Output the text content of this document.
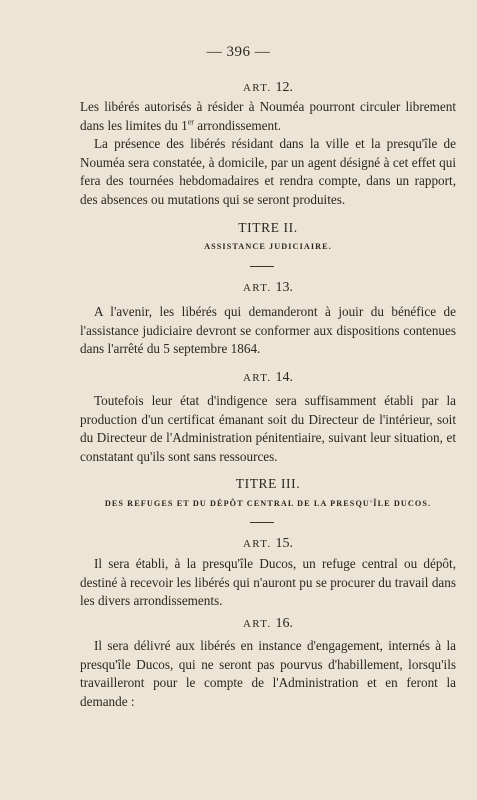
— 396 —
ART. 12.

Les libérés autorisés à résider à Nouméa pourront circuler librement dans les limites du 1er arrondissement.

La présence des libérés résidant dans la ville et la presqu'île de Nouméa sera constatée, à domicile, par un agent désigné à cet effet qui fera des tournées hebdomadaires et rendra compte, dans un rapport, des absences ou mutations qui se seront produites.

TITRE II.
ASSISTANCE JUDICIAIRE.
ART. 13.

A l'avenir, les libérés qui demanderont à jouir du bénéfice de l'assistance judiciaire devront se conformer aux dispositions contenues dans l'arrêté du 5 septembre 1864.

ART. 14.

Toutefois leur état d'indigence sera suffisamment établi par la production d'un certificat émanant soit du Directeur de l'intérieur, soit du Directeur de l'Administration pénitentiaire, suivant leur situation, et constatant qu'ils sont sans ressources.

TITRE III.
DES REFUGES ET DU DÉPÔT CENTRAL DE LA PRESQU'ÎLE DUCOS.
ART. 15.

Il sera établi, à la presqu'île Ducos, un refuge central ou dépôt, destiné à recevoir les libérés qui n'auront pu se procurer du travail dans les divers arrondissements.

ART. 16.

Il sera délivré aux libérés en instance d'engagement, internés à la presqu'île Ducos, qui ne seront pas pourvus d'habillement, lorsqu'ils travailleront pour le compte de l'Administration et en feront la demande :
